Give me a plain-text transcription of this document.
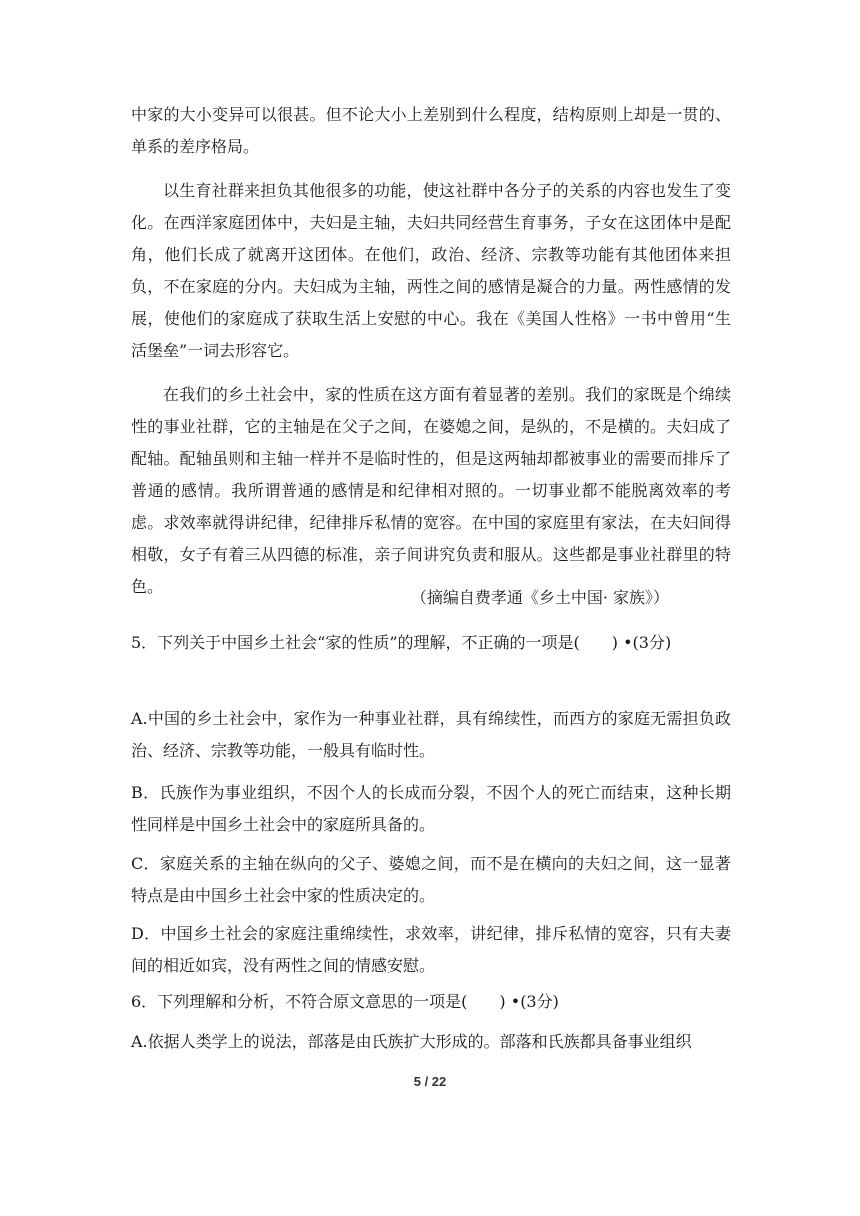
中家的大小变异可以很甚。但不论大小上差别到什么程度，结构原则上却是一贯的、单系的差序格局。

以生育社群来担负其他很多的功能，使这社群中各分子的关系的内容也发生了变化。在西洋家庭团体中，夫妇是主轴，夫妇共同经营生育事务，子女在这团体中是配角，他们长成了就离开这团体。在他们，政治、经济、宗教等功能有其他团体来担负，不在家庭的分内。夫妇成为主轴，两性之间的感情是凝合的力量。两性感情的发展，使他们的家庭成了获取生活上安慰的中心。我在《美国人性格》一书中曾用“生活堡垒”一词去形容它。

在我们的乡土社会中，家的性质在这方面有着显著的差别。我们的家既是个绵续性的事业社群，它的主轴是在父子之间，在婆媳之间，是纵的，不是横的。夫妇成了配轴。配轴虽则和主轴一样并不是临时性的，但是这两轴却都被事业的需要而排斥了普通的感情。我所谓普通的感情是和纪律相对照的。一切事业都不能脱离效率的考虑。求效率就得讲纪律，纪律排斥私情的宽容。在中国的家庭里有家法，在夫妇间得相敬，女子有着三从四德的标准，亲子间讲究负责和服从。这些都是事业社群里的特色。

（摘编自费孝通《乡土中国· 家族》）

5．下列关于中国乡土社会“家的性质”的理解，不正确的一项是(　　) •(3分)

A.中国的乡土社会中，家作为一种事业社群，具有绵续性，而西方的家庭无需担负政治、经济、宗教等功能，一般具有临时性。

B．氏族作为事业组织，不因个人的长成而分裂，不因个人的死亡而结束，这种长期性同样是中国乡土社会中的家庭所具备的。

C．家庭关系的主轴在纵向的父子、婆媳之间，而不是在横向的夫妇之间，这一显著特点是由中国乡土社会中家的性质决定的。

D．中国乡土社会的家庭注重绵续性，求效率，讲纪律，排斥私情的宽容，只有夫妻间的相近如宾，没有两性之间的情感安慰。

6．下列理解和分析，不符合原文意思的一项是(　　) •(3分)

A.依据人类学上的说法，部落是由氏族扩大形成的。部落和氏族都具备事业组织

5 / 22
